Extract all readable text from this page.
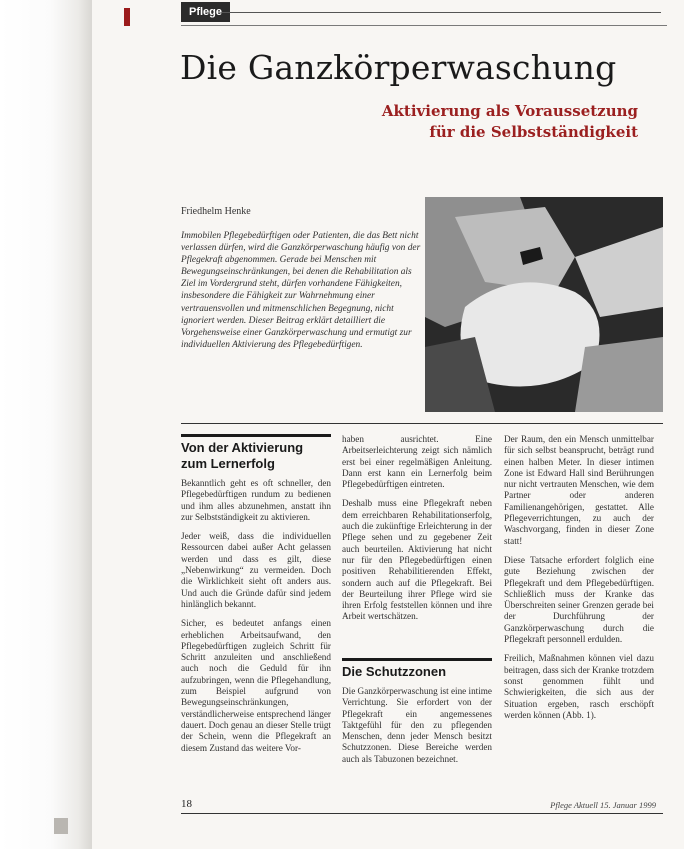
Pflege
Die Ganzkörperwaschung
Aktivierung als Voraussetzung
für die Selbstständigkeit

Friedhelm Henke

Immobilen Pflegebedürftigen oder Patienten, die das Bett nicht verlassen dürfen, wird die Ganzkörperwaschung häufig von der Pflegekraft abgenommen. Gerade bei Menschen mit Bewegungseinschränkungen, bei denen die Rehabilitation als Ziel im Vordergrund steht, dürfen vorhandene Fähigkeiten, insbesondere die Fähigkeit zur Wahrnehmung einer vertrauensvollen und mitmenschlichen Begegnung, nicht ignoriert werden. Dieser Beitrag erklärt detailliert die Vorgehensweise einer Ganzkörperwaschung und ermutigt zur individuellen Aktivierung des Pflegebedürftigen.

Von der Aktivierung
zum Lernerfolg

Bekanntlich geht es oft schneller, den Pflegebedürftigen rundum zu bedienen und ihm alles abzunehmen, anstatt ihn zur Selbstständigkeit zu aktivieren.

Jeder weiß, dass die individuellen Ressourcen dabei außer Acht gelassen werden und dass es gilt, diese „Nebenwirkung“ zu vermeiden. Doch die Wirklichkeit sieht oft anders aus. Und auch die Gründe dafür sind jedem hinlänglich bekannt.

Sicher, es bedeutet anfangs einen erheblichen Arbeitsaufwand, den Pflegebedürftigen zugleich Schritt für Schritt anzuleiten und anschließend auch noch die Geduld für ihn aufzubringen, wenn die Pflegehandlung, zum Beispiel aufgrund von Bewegungseinschränkungen, verständlicherweise entsprechend länger dauert. Doch genau an dieser Stelle trügt der Schein, wenn die Pflegekraft an diesem Zustand das weitere Vor-

haben ausrichtet. Eine Arbeitserleichterung zeigt sich nämlich erst bei einer regelmäßigen Anleitung. Dann erst kann ein Lernerfolg beim Pflegebedürftigen eintreten.

Deshalb muss eine Pflegekraft neben dem erreichbaren Rehabilitationserfolg, auch die zukünftige Erleichterung in der Pflege sehen und zu gegebener Zeit auch beurteilen. Aktivierung hat nicht nur für den Pflegebedürftigen einen positiven Rehabilitierenden Effekt, sondern auch auf die Pflegekraft. Bei der Beurteilung ihrer Pflege wird sie ihren Erfolg feststellen können und ihre Arbeit wertschätzen.

Die Schutzzonen

Die Ganzkörperwaschung ist eine intime Verrichtung. Sie erfordert von der Pflegekraft ein angemessenes Taktgefühl für den zu pflegenden Menschen, denn jeder Mensch besitzt Schutzzonen. Diese Bereiche werden auch als Tabuzonen bezeichnet.

Der Raum, den ein Mensch unmittelbar für sich selbst beansprucht, beträgt rund einen halben Meter. In dieser intimen Zone ist Edward Hall sind Berührungen nur nicht vertrauten Menschen, wie dem Partner oder anderen Familienangehörigen, gestattet. Alle Pflegeverrichtungen, zu auch der Waschvorgang, finden in dieser Zone statt!

Diese Tatsache erfordert folglich eine gute Beziehung zwischen der Pflegekraft und dem Pflegebedürftigen. Schließlich muss der Kranke das Überschreiten seiner Grenzen gerade bei der Durchführung der Ganzkörperwaschung durch die Pflegekraft personnell erdulden.

Freilich, Maßnahmen können viel dazu beitragen, dass sich der Kranke trotzdem sonst genommen fühlt und Schwierigkeiten, die sich aus der Situation ergeben, rasch erschöpft werden können (Abb. 1).

18	Pflege Aktuell 15. Januar 1999
